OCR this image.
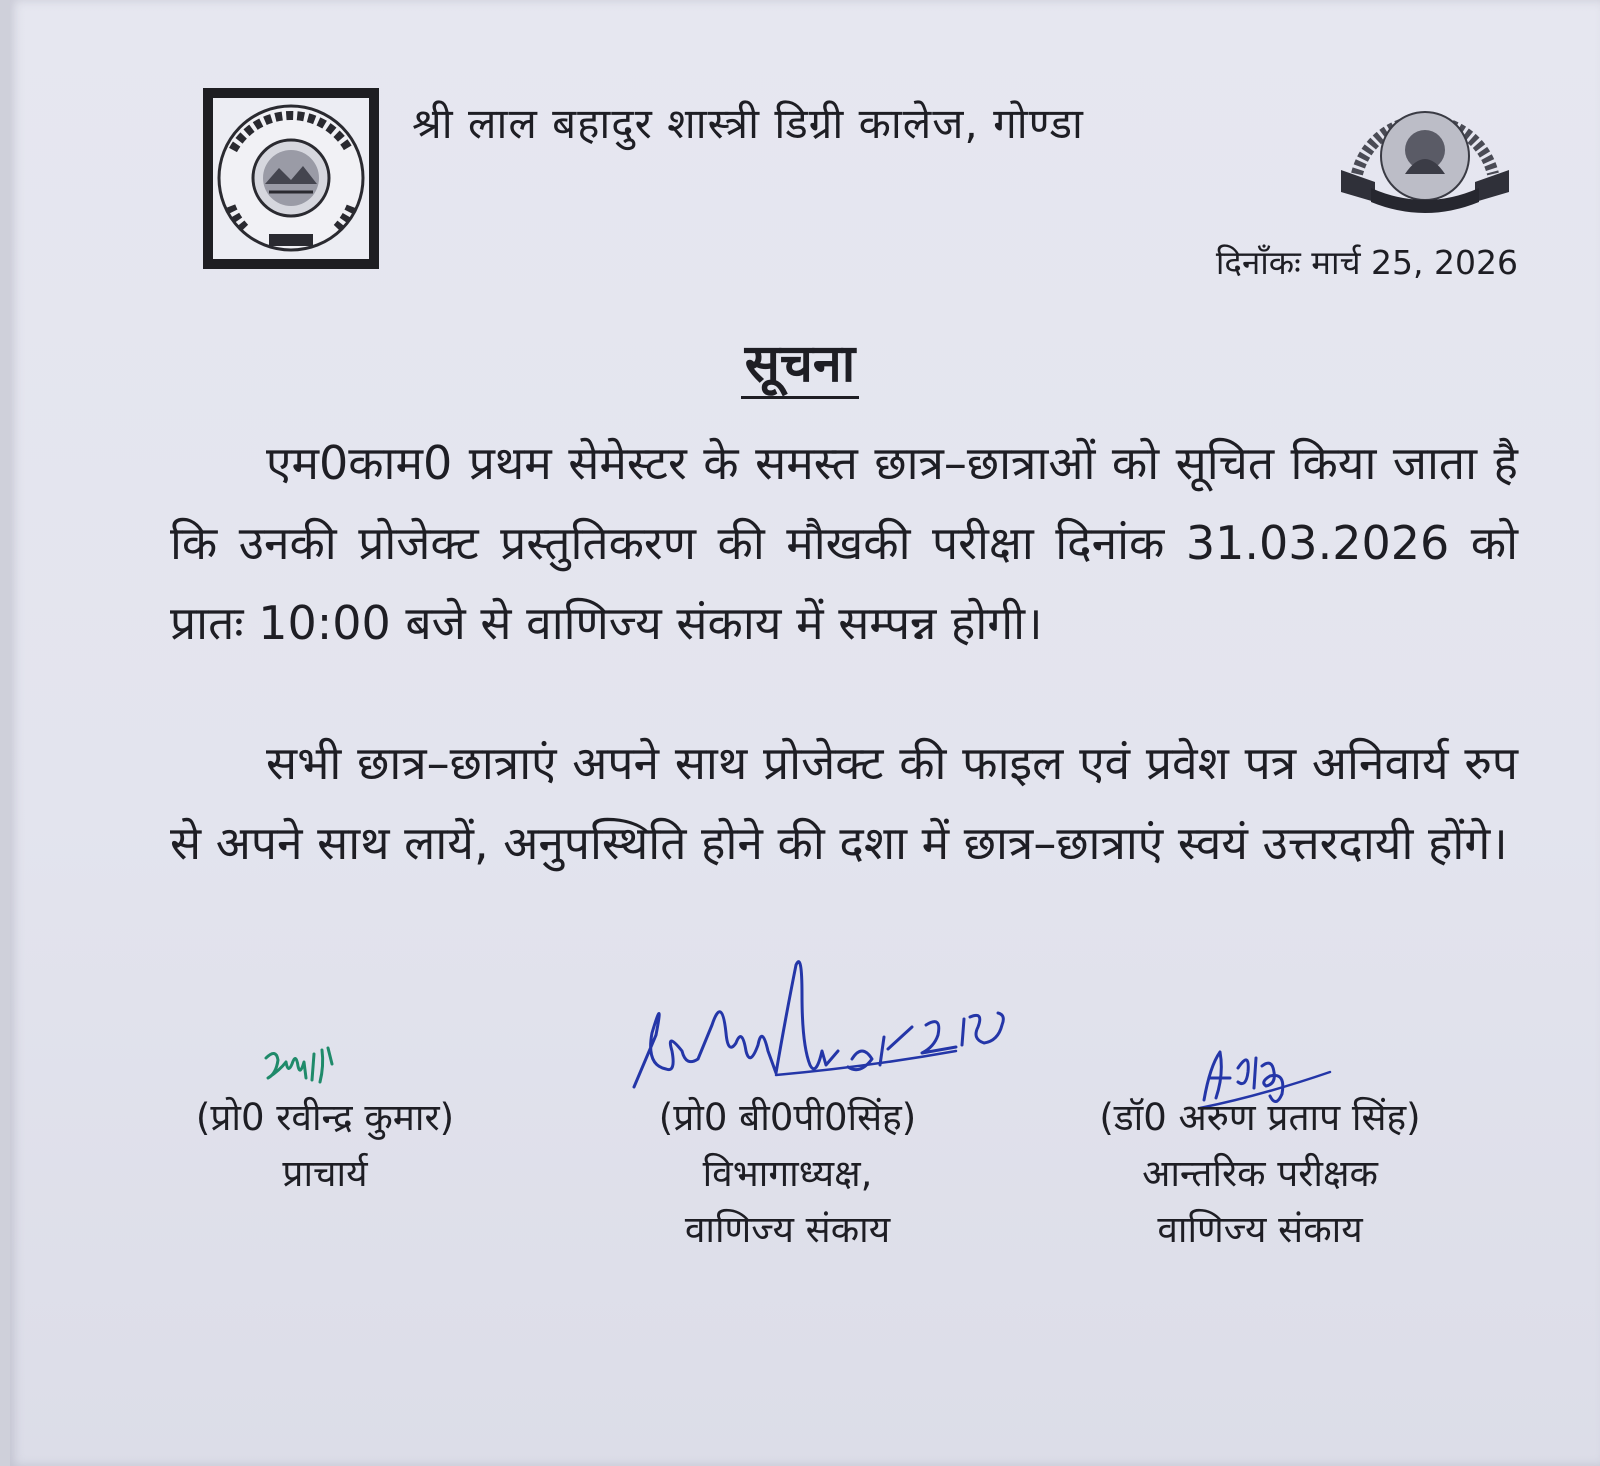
श्री लाल बहादुर शास्त्री डिग्री कालेज, गोण्डा
दिनाँकः मार्च 25, 2026
सूचना
एम0काम0 प्रथम सेमेस्टर के समस्त छात्र–छात्राओं को सूचित किया जाता है कि उनकी प्रोजेक्ट प्रस्तुतिकरण की मौखकी परीक्षा दिनांक 31.03.2026 को प्रातः 10:00 बजे से वाणिज्य संकाय में सम्पन्न होगी।
सभी छात्र–छात्राएं अपने साथ प्रोजेक्ट की फाइल एवं प्रवेश पत्र अनिवार्य रुप से अपने साथ लायें, अनुपस्थिति होने की दशा में छात्र–छात्राएं स्वयं उत्तरदायी होंगे।
(प्रो0 रवीन्द्र कुमार)
प्राचार्य
(प्रो0 बी0पी0सिंह)
विभागाध्यक्ष,
वाणिज्य संकाय
(डॉ0 अरुण प्रताप सिंह)
आन्तरिक परीक्षक
वाणिज्य संकाय
